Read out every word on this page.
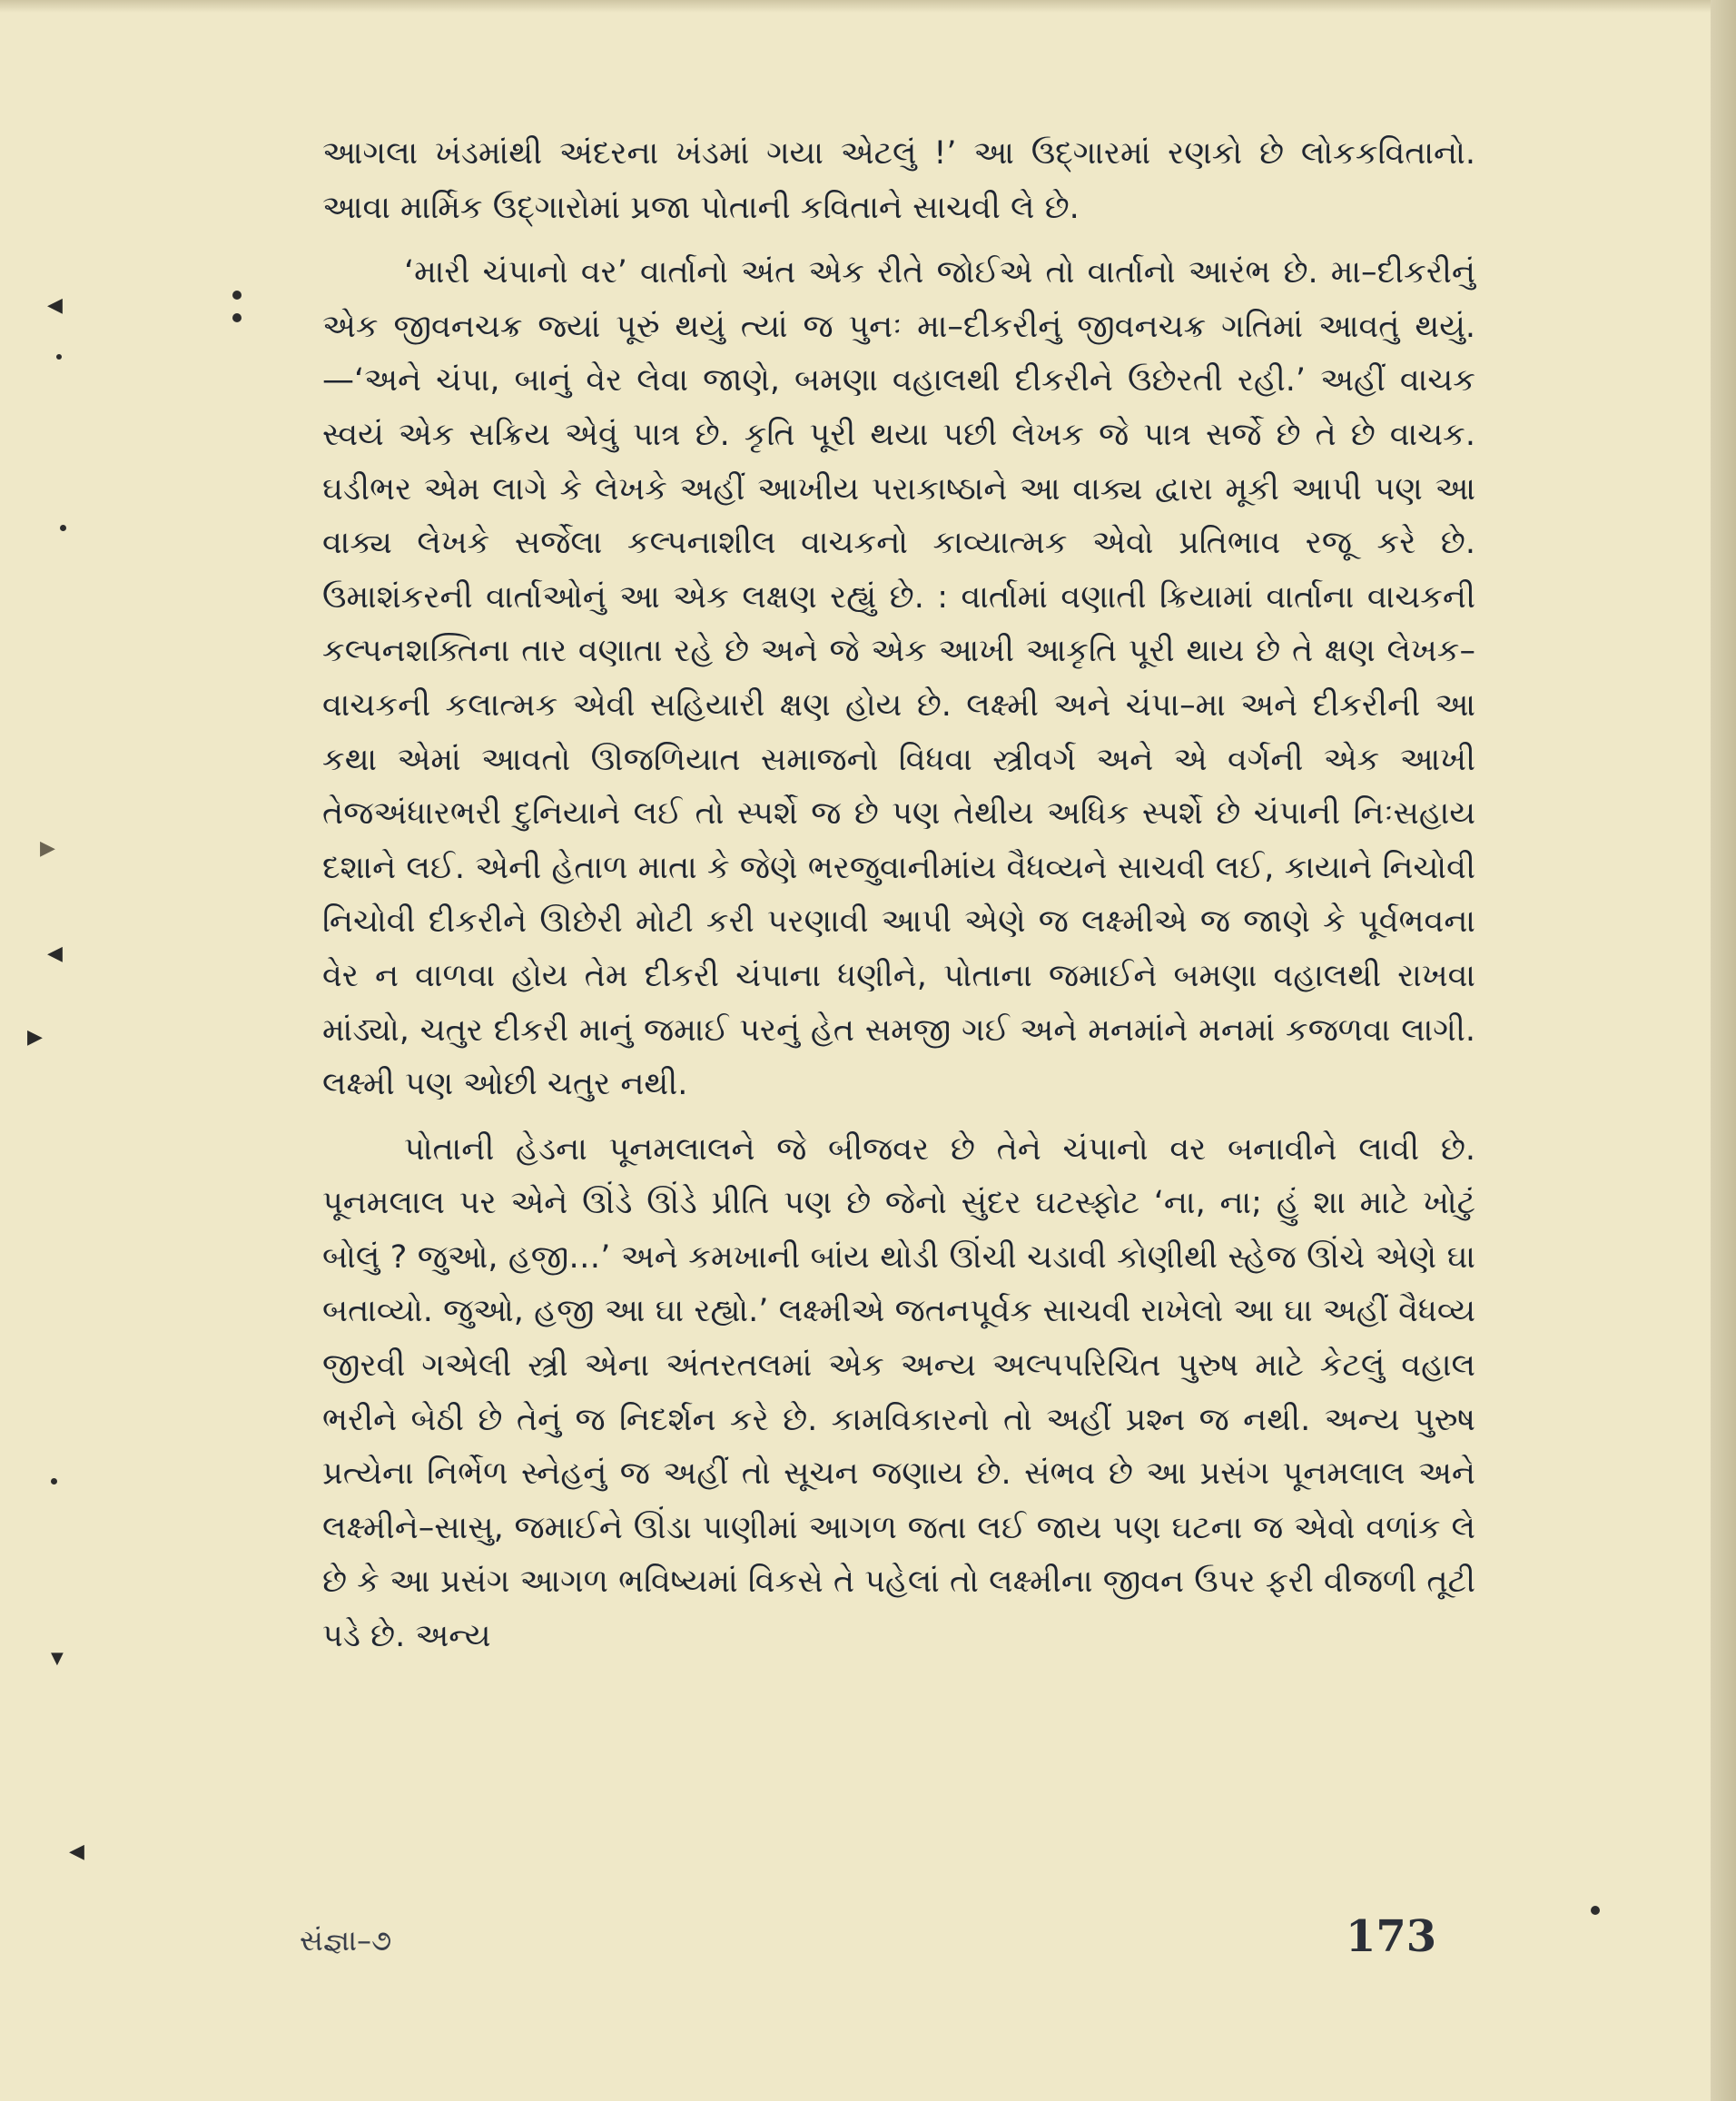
◀
▶
◀
▶
▼
◀

આગલા ખંડમાંથી અંદરના ખંડમાં ગયા એટલું !’ આ ઉદ્ગારમાં રણકો છે લોકકવિતાનો. આવા માર્મિક ઉદ્ગારોમાં પ્રજા પોતાની કવિતાને સાચવી લે છે.

‘મારી ચંપાનો વર’ વાર્તાનો અંત એક રીતે જોઈએ તો વાર્તાનો આરંભ છે. મા–દીકરીનું એક જીવનચક્ર જ્યાં પૂરું થયું ત્યાં જ પુનઃ મા–દીકરીનું જીવનચક્ર ગતિમાં આવતું થયું.—‘અને ચંપા, બાનું વેર લેવા જાણે, બમણા વહાલથી દીકરીને ઉછેરતી રહી.’ અહીં વાચક સ્વયં એક સક્રિય એવું પાત્ર છે. કૃતિ પૂરી થયા પછી લેખક જે પાત્ર સર્જે છે તે છે વાચક. ઘડીભર એમ લાગે કે લેખકે અહીં આખીય પરાકાષ્ઠાને આ વાક્ય દ્વારા મૂકી આપી પણ આ વાક્ય લેખકે સર્જેલા કલ્પનાશીલ વાચકનો કાવ્યાત્મક એવો પ્રતિભાવ રજૂ કરે છે. ઉમાશંકરની વાર્તાઓનું આ એક લક્ષણ રહ્યું છે. : વાર્તામાં વણાતી ક્રિયામાં વાર્તાના વાચકની કલ્પનશક્તિના તાર વણાતા રહે છે અને જે એક આખી આકૃતિ પૂરી થાય છે તે ક્ષણ લેખક–વાચકની કલાત્મક એવી સહિયારી ક્ષણ હોય છે. લક્ષ્મી અને ચંપા–મા અને દીકરીની આ કથા એમાં આવતો ઊજળિયાત સમાજનો વિધવા સ્ત્રીવર્ગ અને એ વર્ગની એક આખી તેજઅંધારભરી દુનિયાને લઈ તો સ્પર્શે જ છે પણ તેથીય અધિક સ્પર્શે છે ચંપાની નિઃસહાય દશાને લઈ. એની હેતાળ માતા કે જેણે ભરજુવાનીમાંય વૈધવ્યને સાચવી લઈ, કાયાને નિચોવી નિચોવી દીકરીને ઊછેરી મોટી કરી પરણાવી આપી એણે જ લક્ષ્મીએ જ જાણે કે પૂર્વભવના વેર ન વાળવા હોય તેમ દીકરી ચંપાના ધણીને, પોતાના જમાઈને બમણા વહાલથી રાખવા માંડ્યો, ચતુર દીકરી માનું જમાઈ પરનું હેત સમજી ગઈ અને મનમાંને મનમાં કજળવા લાગી. લક્ષ્મી પણ ઓછી ચતુર નથી.

પોતાની હેડના પૂનમલાલને જે બીજવર છે તેને ચંપાનો વર બનાવીને લાવી છે. પૂનમલાલ પર એને ઊંડે ઊંડે પ્રીતિ પણ છે જેનો સુંદર ઘટસ્ફોટ ‘ના, ના; હું શા માટે ખોટું બોલું ? જુઓ, હજી…’ અને કમખાની બાંય થોડી ઊંચી ચડાવી કોણીથી સ્હેજ ઊંચે એણે ઘા બતાવ્યો. જુઓ, હજી આ ઘા રહ્યો.’ લક્ષ્મીએ જતનપૂર્વક સાચવી રાખેલો આ ઘા અહીં વૈધવ્ય જીરવી ગએલી સ્ત્રી એના અંતરતલમાં એક અન્ય અલ્પપરિચિત પુરુષ માટે કેટલું વહાલ ભરીને બેઠી છે તેનું જ નિદર્શન કરે છે. કામવિકારનો તો અહીં પ્રશ્ન જ નથી. અન્ય પુરુષ પ્રત્યેના નિર્ભેળ સ્નેહનું જ અહીં તો સૂચન જણાય છે. સંભવ છે આ પ્રસંગ પૂનમલાલ અને લક્ષ્મીને–સાસુ, જમાઈને ઊંડા પાણીમાં આગળ જતા લઈ જાય પણ ઘટના જ એવો વળાંક લે છે કે આ પ્રસંગ આગળ ભવિષ્યમાં વિકસે તે પહેલાં તો લક્ષ્મીના જીવન ઉપર ફરી વીજળી તૂટી પડે છે. અન્ય

સંજ્ઞા–૭	173
